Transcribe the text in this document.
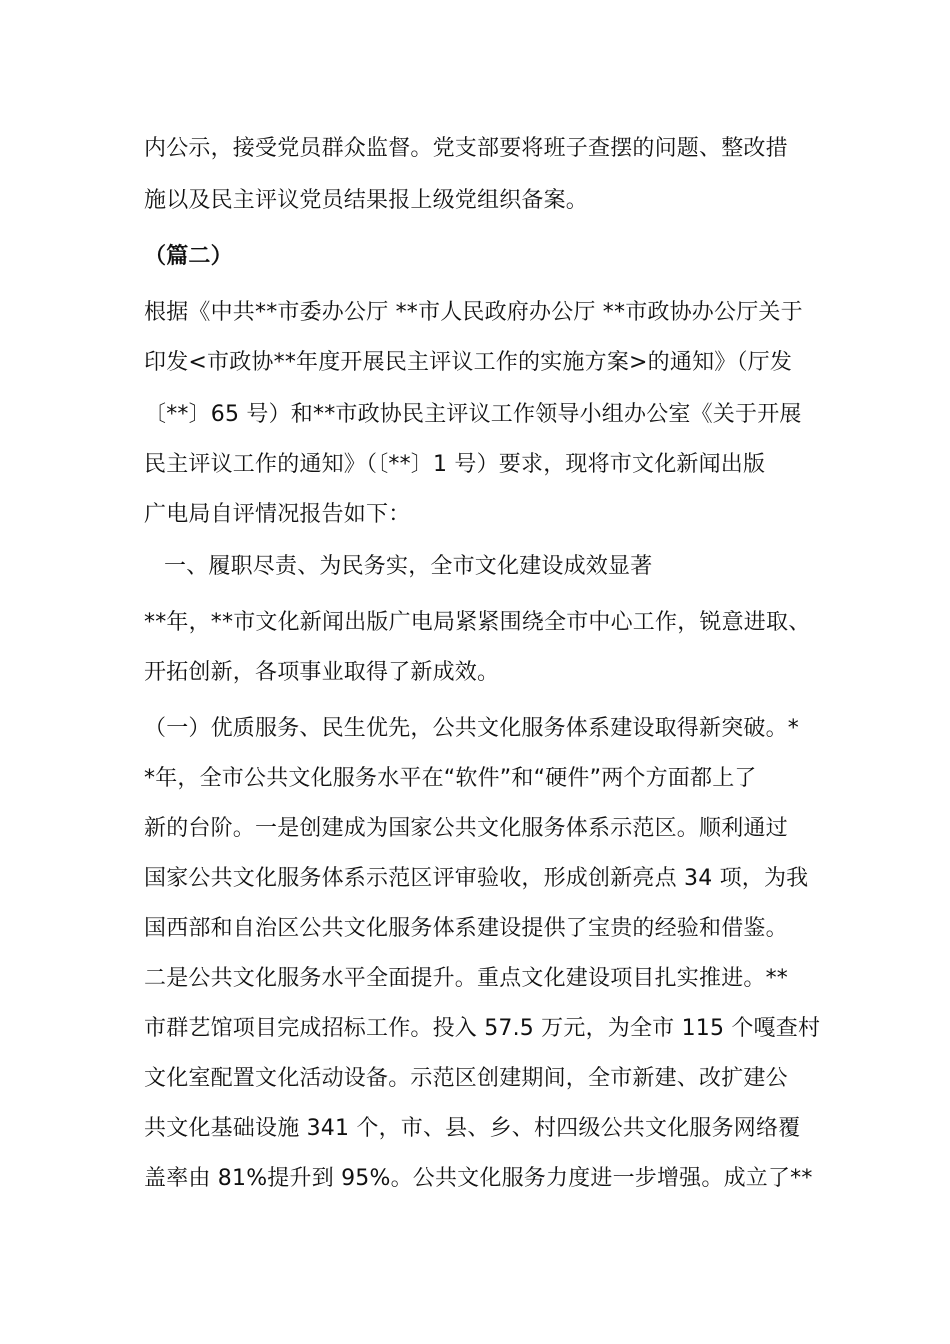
内公示，接受党员群众监督。党支部要将班子查摆的问题、整改措
施以及民主评议党员结果报上级党组织备案。
（篇二）
根据《中共**市委办公厅 **市人民政府办公厅 **市政协办公厅关于
印发<市政协**年度开展民主评议工作的实施方案>的通知》（厅发
〔**〕65 号）和**市政协民主评议工作领导小组办公室《关于开展
民主评议工作的通知》（〔**〕1 号）要求，现将市文化新闻出版
广电局自评情况报告如下：
一、履职尽责、为民务实，全市文化建设成效显著
**年，**市文化新闻出版广电局紧紧围绕全市中心工作，锐意进取、
开拓创新，各项事业取得了新成效。
（一）优质服务、民生优先，公共文化服务体系建设取得新突破。*
*年，全市公共文化服务水平在“软件”和“硬件”两个方面都上了
新的台阶。一是创建成为国家公共文化服务体系示范区。顺利通过
国家公共文化服务体系示范区评审验收，形成创新亮点 34 项，为我
国西部和自治区公共文化服务体系建设提供了宝贵的经验和借鉴。
二是公共文化服务水平全面提升。重点文化建设项目扎实推进。**
市群艺馆项目完成招标工作。投入 57.5 万元，为全市 115 个嘎查村
文化室配置文化活动设备。示范区创建期间，全市新建、改扩建公
共文化基础设施 341 个，市、县、乡、村四级公共文化服务网络覆
盖率由 81%提升到 95%。公共文化服务力度进一步增强。成立了**
